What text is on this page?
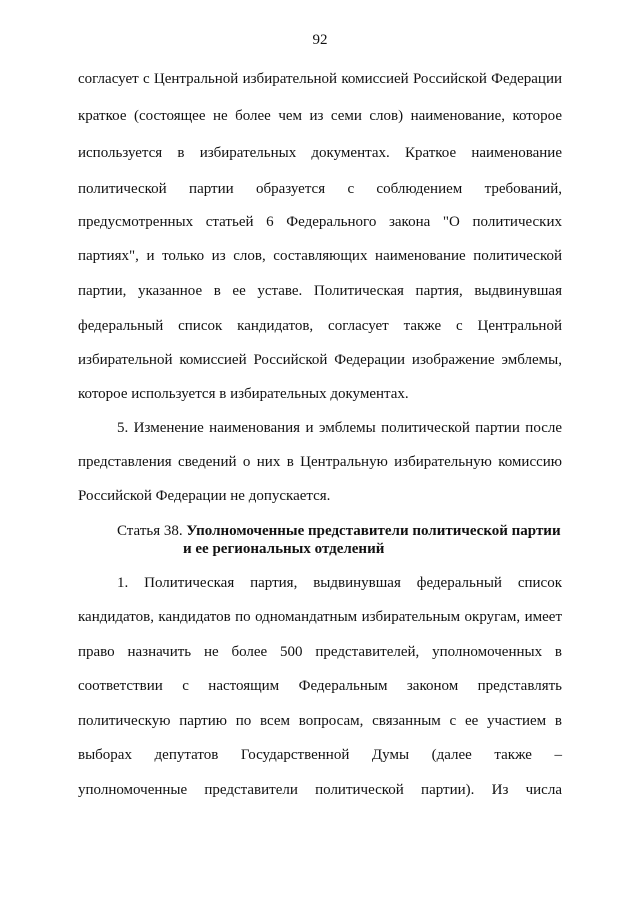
92
согласует с Центральной избирательной комиссией Российской Федерации
краткое (состоящее не более чем из семи слов) наименование, которое
используется в избирательных документах. Краткое наименование
политической партии образуется с соблюдением требований,
предусмотренных статьей 6 Федерального закона "О политических
партиях", и только из слов, составляющих наименование политической
партии, указанное в ее уставе. Политическая партия, выдвинувшая
федеральный список кандидатов, согласует также с Центральной
избирательной комиссией Российской Федерации изображение эмблемы,
которое используется в избирательных документах.
5. Изменение наименования и эмблемы политической партии после
представления сведений о них в Центральную избирательную комиссию
Российской Федерации не допускается.
Статья 38. Уполномоченные представители политической партии
и ее региональных отделений
1. Политическая партия, выдвинувшая федеральный список
кандидатов, кандидатов по одномандатным избирательным округам, имеет
право назначить не более 500 представителей, уполномоченных в
соответствии с настоящим Федеральным законом представлять
политическую партию по всем вопросам, связанным с ее участием в
выборах депутатов Государственной Думы (далее также –
уполномоченные представители политической партии). Из числа
